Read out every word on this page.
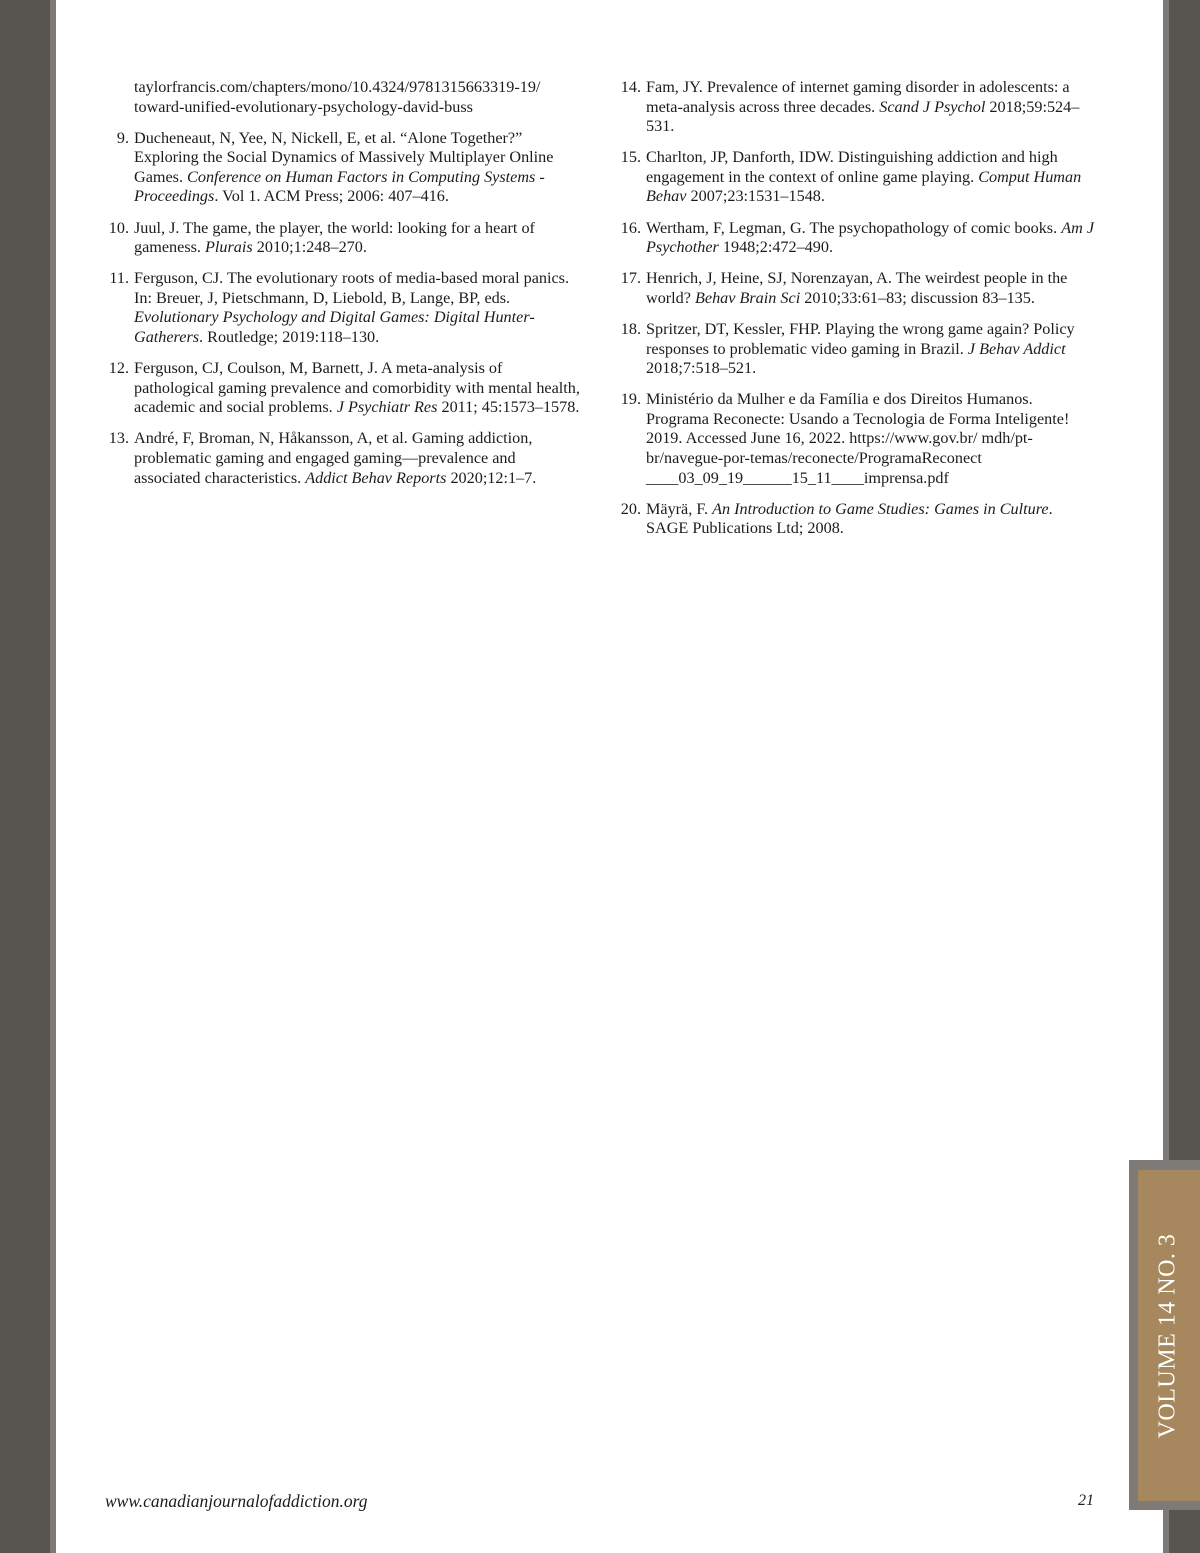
taylorfrancis.com/chapters/mono/10.4324/9781315663319-19/
toward-unified-evolutionary-psychology-david-buss
9. Ducheneaut, N, Yee, N, Nickell, E, et al. “Alone Together?” Exploring the Social Dynamics of Massively Multiplayer Online Games. Conference on Human Factors in Computing Systems - Proceedings. Vol 1. ACM Press; 2006: 407–416.
10. Juul, J. The game, the player, the world: looking for a heart of gameness. Plurais 2010;1:248–270.
11. Ferguson, CJ. The evolutionary roots of media-based moral panics. In: Breuer, J, Pietschmann, D, Liebold, B, Lange, BP, eds. Evolutionary Psychology and Digital Games: Digital Hunter-Gatherers. Routledge; 2019:118–130.
12. Ferguson, CJ, Coulson, M, Barnett, J. A meta-analysis of pathological gaming prevalence and comorbidity with mental health, academic and social problems. J Psychiatr Res 2011; 45:1573–1578.
13. André, F, Broman, N, Håkansson, A, et al. Gaming addiction, problematic gaming and engaged gaming—prevalence and associated characteristics. Addict Behav Reports 2020;12:1–7.
14. Fam, JY. Prevalence of internet gaming disorder in adolescents: a meta-analysis across three decades. Scand J Psychol 2018;59:524–531.
15. Charlton, JP, Danforth, IDW. Distinguishing addiction and high engagement in the context of online game playing. Comput Human Behav 2007;23:1531–1548.
16. Wertham, F, Legman, G. The psychopathology of comic books. Am J Psychother 1948;2:472–490.
17. Henrich, J, Heine, SJ, Norenzayan, A. The weirdest people in the world? Behav Brain Sci 2010;33:61–83; discussion 83–135.
18. Spritzer, DT, Kessler, FHP. Playing the wrong game again? Policy responses to problematic video gaming in Brazil. J Behav Addict 2018;7:518–521.
19. Ministério da Mulher e da Família e dos Direitos Humanos. Programa Reconecte: Usando a Tecnologia de Forma Inteligente! 2019. Accessed June 16, 2022. https://www.gov.br/ mdh/pt-br/navegue-por-temas/reconecte/ProgramaReconect ____03_09_19______15_11____imprensa.pdf
20. Mäyrä, F. An Introduction to Game Studies: Games in Culture. SAGE Publications Ltd; 2008.
www.canadianjournalofaddiction.org	21
VOLUME 14 NO. 3
